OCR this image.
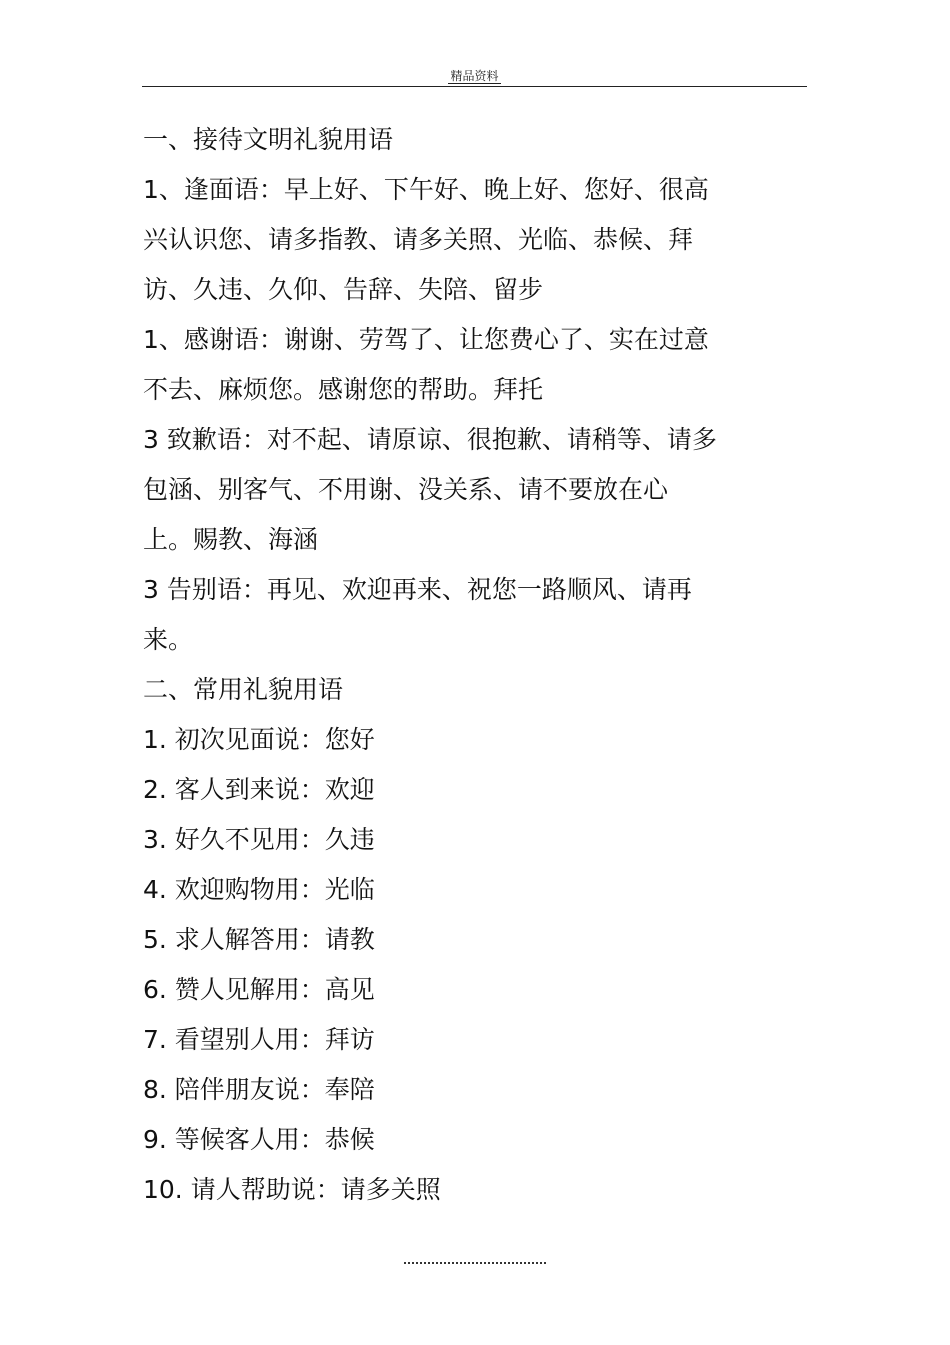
精品资料
一、接待文明礼貌用语
1、逢面语：早上好、下午好、晚上好、您好、很高
兴认识您、请多指教、请多关照、光临、恭候、拜
访、久违、久仰、告辞、失陪、留步
1、感谢语：谢谢、劳驾了、让您费心了、实在过意
不去、麻烦您。感谢您的帮助。拜托
3 致歉语：对不起、请原谅、很抱歉、请稍等、请多
包涵、别客气、不用谢、没关系、请不要放在心
上。赐教、海涵
3 告别语：再见、欢迎再来、祝您一路顺风、请再
来。
二、常用礼貌用语
1. 初次见面说：您好
2. 客人到来说：欢迎
3. 好久不见用：久违
4. 欢迎购物用：光临
5. 求人解答用：请教
6. 赞人见解用：高见
7. 看望别人用：拜访
8. 陪伴朋友说：奉陪
9. 等候客人用：恭候
10. 请人帮助说：请多关照
